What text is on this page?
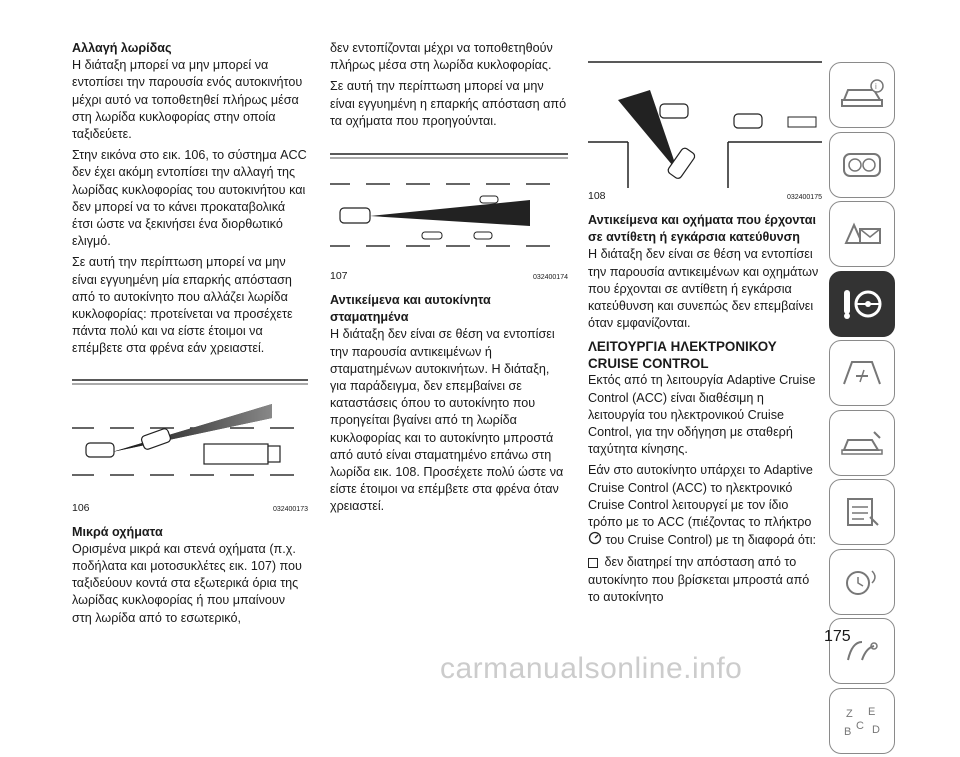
Αλλαγή λωρίδας

Η διάταξη μπορεί να μην μπορεί να εντοπίσει την παρουσία ενός αυτοκινήτου μέχρι αυτό να τοποθετηθεί πλήρως μέσα στη λωρίδα κυκλοφορίας στην οποία ταξιδεύετε.

Στην εικόνα στο εικ. 106, το σύστημα ACC δεν έχει ακόμη εντοπίσει την αλλαγή της λωρίδας κυκλοφορίας του αυτοκινήτου και δεν μπορεί να το κάνει προκαταβολικά έτσι ώστε να ξεκινήσει ένα διορθωτικό ελιγμό.

Σε αυτή την περίπτωση μπορεί να μην είναι εγγυημένη μία επαρκής απόσταση από το αυτοκίνητο που αλλάζει λωρίδα κυκλοφορίας: προτείνεται να προσέχετε πάντα πολύ και να είστε έτοιμοι να επέμβετε στα φρένα εάν χρειαστεί.

106	032400173
Μικρά οχήματα

Ορισμένα μικρά και στενά οχήματα (π.χ. ποδήλατα και μοτοσυκλέτες εικ. 107) που ταξιδεύουν κοντά στα εξωτερικά όρια της λωρίδας κυκλοφορίας ή που μπαίνουν στη λωρίδα από το εσωτερικό,

δεν εντοπίζονται μέχρι να τοποθετηθούν πλήρως μέσα στη λωρίδα κυκλοφορίας.

Σε αυτή την περίπτωση μπορεί να μην είναι εγγυημένη η επαρκής απόσταση από τα οχήματα που προηγούνται.

107	032400174
Αντικείμενα και αυτοκίνητα σταματημένα

Η διάταξη δεν είναι σε θέση να εντοπίσει την παρουσία αντικειμένων ή σταματημένων αυτοκινήτων. Η διάταξη, για παράδειγμα, δεν επεμβαίνει σε καταστάσεις όπου το αυτοκίνητο που προηγείται βγαίνει από τη λωρίδα κυκλοφορίας και το αυτοκίνητο μπροστά από αυτό είναι σταματημένο επάνω στη λωρίδα εικ. 108. Προσέχετε πολύ ώστε να είστε έτοιμοι να επέμβετε στα φρένα όταν χρειαστεί.

108	032400175
Αντικείμενα και οχήματα που έρχονται σε αντίθετη ή εγκάρσια κατεύθυνση

Η διάταξη δεν είναι σε θέση να εντοπίσει την παρουσία αντικειμένων και οχημάτων που έρχονται σε αντίθετη ή εγκάρσια κατεύθυνση και συνεπώς δεν επεμβαίνει όταν εμφανίζονται.

ΛΕΙΤΟΥΡΓΙΑ ΗΛΕΚΤΡΟΝΙΚΟΥ CRUISE CONTROL

Εκτός από τη λειτουργία Adaptive Cruise Control (ACC) είναι διαθέσιμη η λειτουργία του ηλεκτρονικού Cruise Control, για την οδήγηση με σταθερή ταχύτητα κίνησης.

Εάν στο αυτοκίνητο υπάρχει το Adaptive Cruise Control (ACC) το ηλεκτρονικό Cruise Control λειτουργεί με τον ίδιο τρόπο με το ACC (πιέζοντας το πλήκτρο  του Cruise Control) με τη διαφορά ότι:

δεν διατηρεί την απόσταση από το αυτοκίνητο που βρίσκεται μπροστά από το αυτοκίνητο

i
Z E
C D
B
175
carmanualsonline.info
